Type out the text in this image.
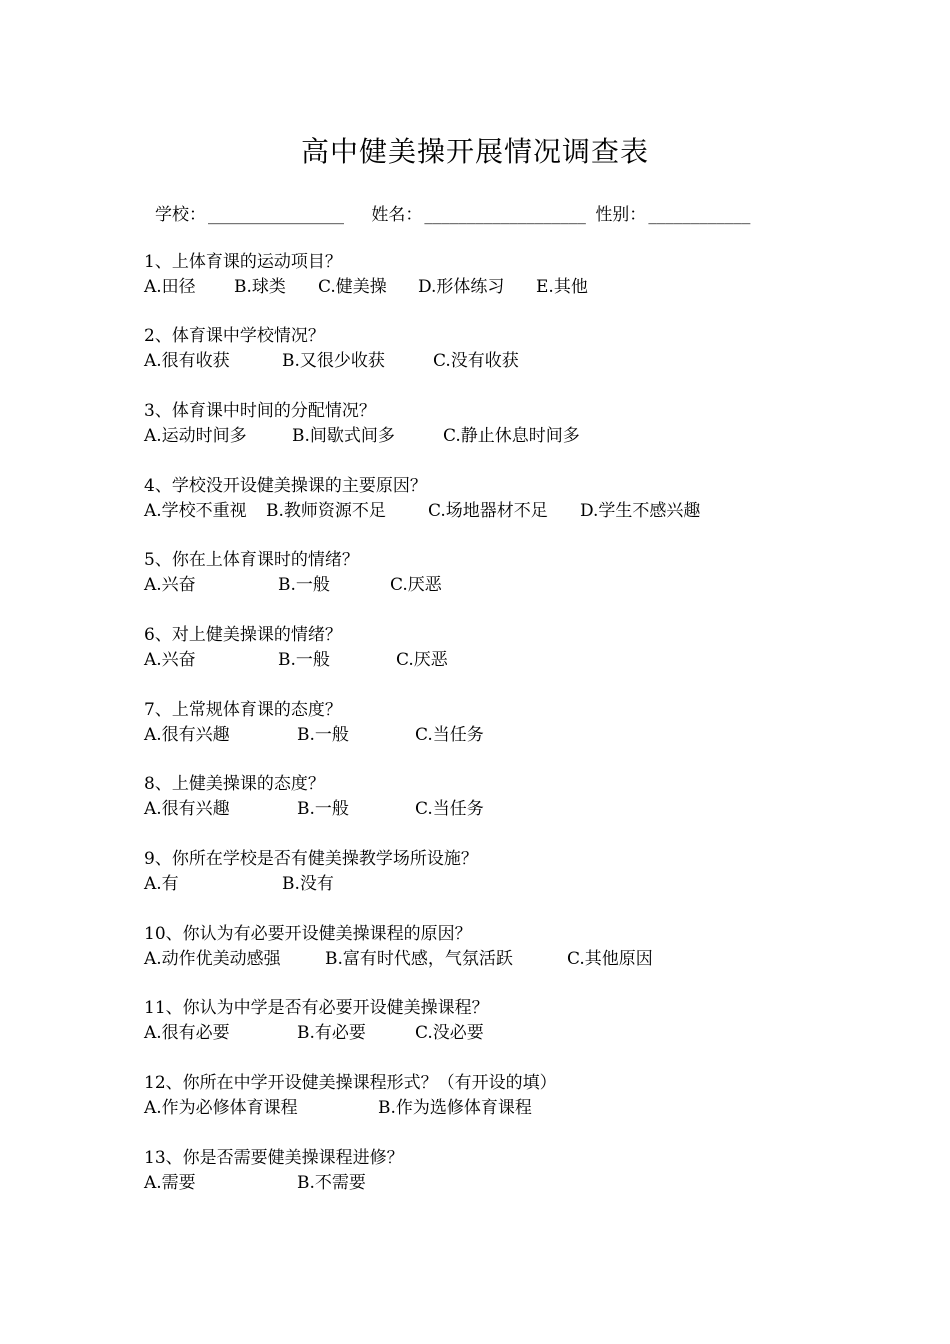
高中健美操开展情况调查表
学校： ________________ 姓名： ___________________ 性别： ____________
1、上体育课的运动项目？
A.田径	B.球类	C.健美操	D.形体练习	E.其他
2、体育课中学校情况？
A.很有收获	B.又很少收获	C.没有收获
3、体育课中时间的分配情况？
A.运动时间多	B.间歇式间多	C.静止休息时间多
4、学校没开设健美操课的主要原因？
A.学校不重视	B.教师资源不足	C.场地器材不足	D.学生不感兴趣
5、你在上体育课时的情绪？
A.兴奋	B.一般	C.厌恶
6、对上健美操课的情绪？
A.兴奋	B.一般	C.厌恶
7、上常规体育课的态度？
A.很有兴趣	B.一般	C.当任务
8、上健美操课的态度？
A.很有兴趣	B.一般	C.当任务
9、你所在学校是否有健美操教学场所设施？
A.有	B.没有
10、你认为有必要开设健美操课程的原因？
A.动作优美动感强	B.富有时代感，气氛活跃	C.其他原因
11、你认为中学是否有必要开设健美操课程？
A.很有必要	B.有必要	C.没必要
12、你所在中学开设健美操课程形式？（有开设的填）
A.作为必修体育课程	B.作为选修体育课程
13、你是否需要健美操课程进修？
A.需要	B.不需要
